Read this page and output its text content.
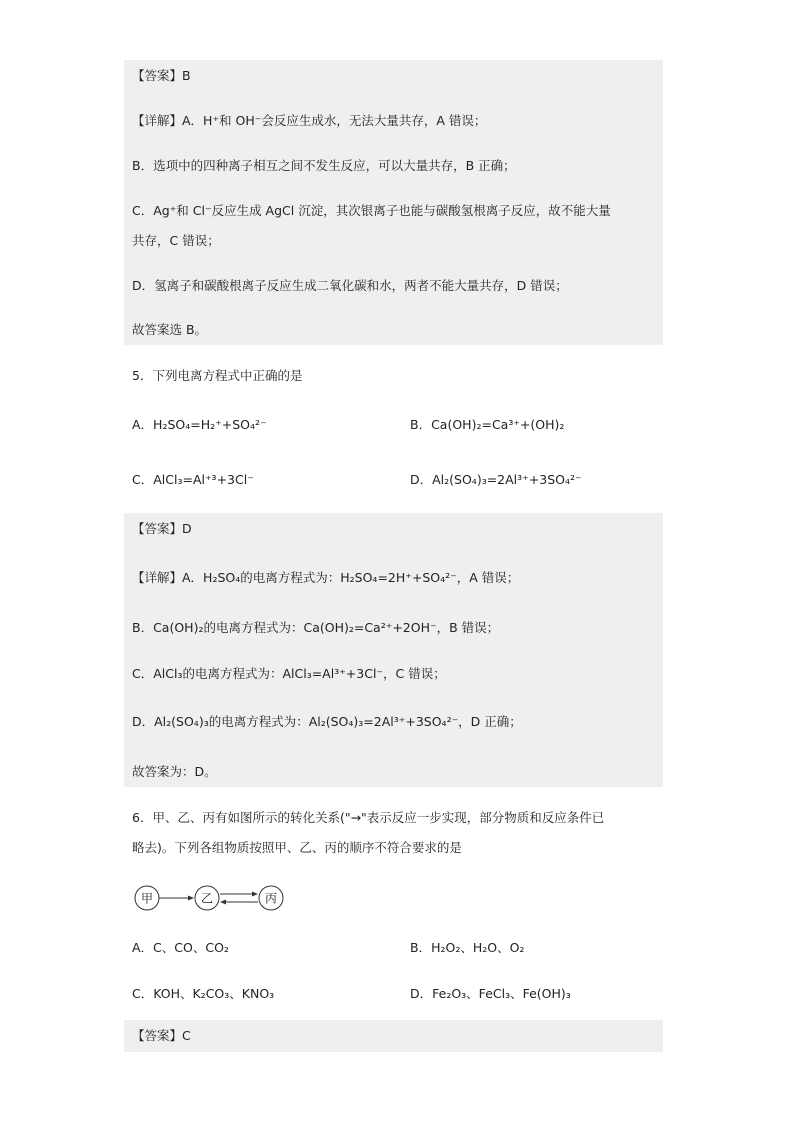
【答案】B
【详解】A．H⁺和 OH⁻会反应生成水，无法大量共存，A 错误；
B．选项中的四种离子相互之间不发生反应，可以大量共存，B 正确；
C．Ag⁺和 Cl⁻反应生成 AgCl 沉淀，其次银离子也能与碳酸氢根离子反应，故不能大量
共存，C 错误；
D．氢离子和碳酸根离子反应生成二氧化碳和水，两者不能大量共存，D 错误；
故答案选 B。
5．下列电离方程式中正确的是
A．H₂SO₄=H₂⁺+SO₄²⁻	B．Ca(OH)₂=Ca³⁺+(OH)₂
C．AlCl₃=Al⁺³+3Cl⁻	D．Al₂(SO₄)₃=2Al³⁺+3SO₄²⁻
【答案】D
【详解】A．H₂SO₄的电离方程式为：H₂SO₄=2H⁺+SO₄²⁻，A 错误；
B．Ca(OH)₂的电离方程式为：Ca(OH)₂=Ca²⁺+2OH⁻，B 错误；
C．AlCl₃的电离方程式为：AlCl₃=Al³⁺+3Cl⁻，C 错误；
D．Al₂(SO₄)₃的电离方程式为：Al₂(SO₄)₃=2Al³⁺+3SO₄²⁻，D 正确；
故答案为：D。
6．甲、乙、丙有如图所示的转化关系("→"表示反应一步实现，部分物质和反应条件已
略去)。下列各组物质按照甲、乙、丙的顺序不符合要求的是
甲	乙	丙
A．C、CO、CO₂	B．H₂O₂、H₂O、O₂
C．KOH、K₂CO₃、KNO₃	D．Fe₂O₃、FeCl₃、Fe(OH)₃
【答案】C
